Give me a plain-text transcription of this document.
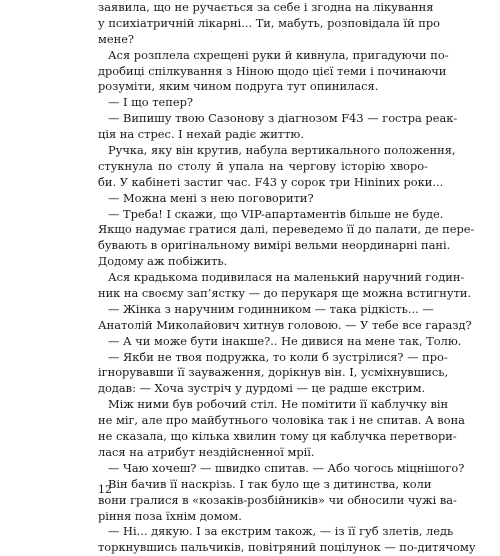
заявила, що не ручається за себе і згодна на лікування
у психіатричній лікарні... Ти, мабуть, розповідала їй про
мене?
Ася розплела схрещені руки й кивнула, пригадуючи по-
дробиці спілкування з Ніною щодо цієї теми і починаючи
розуміти, яким чином подруга тут опинилася.
— І що тепер?
— Випишу твою Сазонову з діагнозом F43 — гостра реак-
ція на стрес. І нехай радіє життю.
Ручка, яку він крутив, набула вертикального положення,
стукнула по столу й упала на чергову історію хворо-
би. У кабінеті застиг час. F43 у сорок три Нininих роки...
— Можна мені з нею поговорити?
— Треба! І скажи, що VIP-апартаментів більше не буде.
Якщо надумає гратися далі, переведемо її до палати, де пере-
бувають в оригінальному вимірі вельми неординарні пані.
Додому аж побіжить.
Ася крадькома подивилася на маленький наручний годин-
ник на своєму зап’ястку — до перукаря ще можна встигнути.
— Жінка з наручним годинником — така рідкість... —
Анатолій Миколайович хитнув головою. — У тебе все гаразд?
— А чи може бути інакше?.. Не дивися на мене так, Толю.
— Якби не твоя подружка, то коли б зустрілися? — про-
ігнорувавши її зауваження, дорікнув він. І, усміхнувшись,
додав: — Хоча зустріч у дурдомі — це радше екстрим.
Між ними був робочий стіл. Не помітити її каблучку він
не міг, але про майбутнього чоловіка так і не спитав. А вона
не сказала, що кілька хвилин тому ця каблучка перетвори-
лася на атрибут нездійсненної мрії.
— Чаю хочеш? — швидко спитав. — Або чогось міцнішого?
Він бачив її наскрізь. І так було ще з дитинства, коли
вони гралися в «козаків-розбійників» чи обносили чужі ва-
ріння поза їхнім домом.
— Ні... дякую. І за екстрим також, — із її губ злетів, ледь
торкнувшись пальчиків, повітряний поцілунок — по-дитячому
12
